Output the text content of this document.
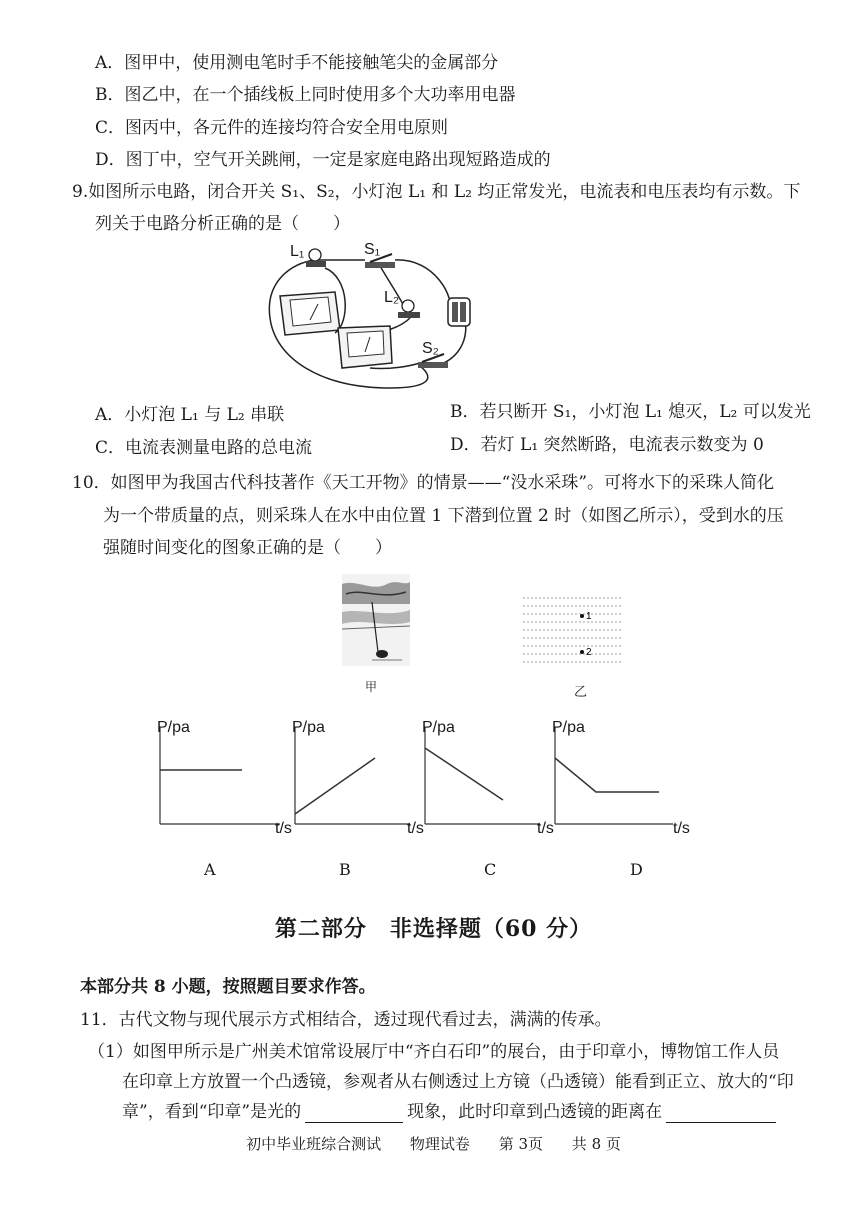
A．图甲中，使用测电笔时手不能接触笔尖的金属部分
B．图乙中，在一个插线板上同时使用多个大功率用电器
C．图丙中，各元件的连接均符合安全用电原则
D．图丁中，空气开关跳闸，一定是家庭电路出现短路造成的
9.如图所示电路，闭合开关 S₁、S₂，小灯泡 L₁ 和 L₂ 均正常发光，电流表和电压表均有示数。下
列关于电路分析正确的是（　　）
L₁	S₁
L₂
S₂
A．小灯泡 L₁ 与 L₂ 串联	B．若只断开 S₁，小灯泡 L₁ 熄灭，L₂ 可以发光
C．电流表测量电路的总电流	D．若灯 L₁ 突然断路，电流表示数变为 0
10．如图甲为我国古代科技著作《天工开物》的情景——“没水采珠”。可将水下的采珠人简化
为一个带质量的点，则采珠人在水中由位置 1 下潜到位置 2 时（如图乙所示），受到水的压
强随时间变化的图象正确的是（　　）
甲
1
2
乙
P/pa
t/s
P/pa
t/s
P/pa
t/s
P/pa
t/s
A	B	C	D
第二部分　非选择题（60 分）
本部分共 8 小题，按照题目要求作答。
11．古代文物与现代展示方式相结合，透过现代看过去，满满的传承。
（1）如图甲所示是广州美术馆常设展厅中“齐白石印”的展台，由于印章小，博物馆工作人员
在印章上方放置一个凸透镜，参观者从右侧透过上方镜（凸透镜）能看到正立、放大的“印
章”，看到“印章”是光的	现象，此时印章到凸透镜的距离在
初中毕业班综合测试 物理试卷 第 3页 共 8 页
